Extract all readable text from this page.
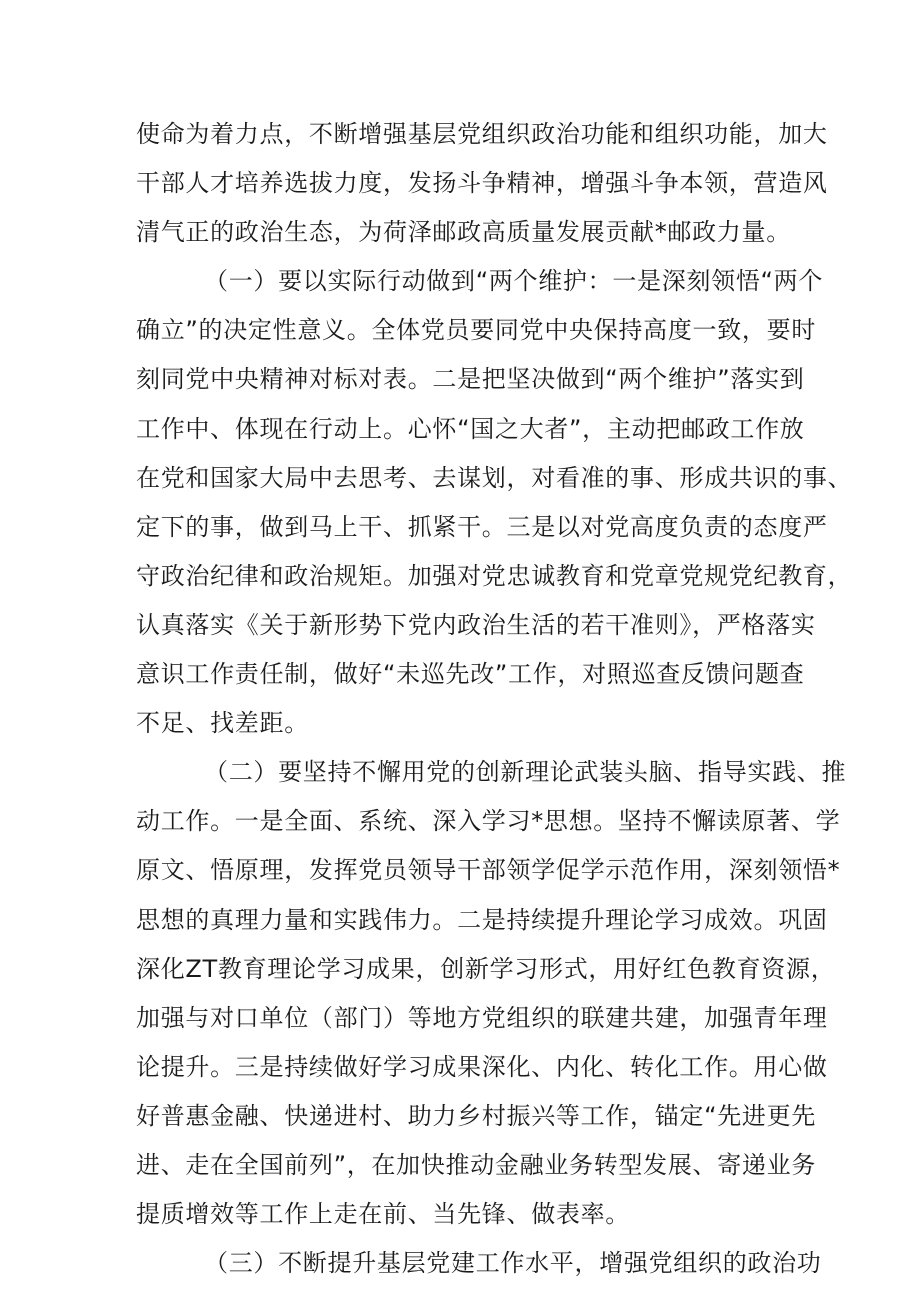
使命为着力点，不断增强基层党组织政治功能和组织功能，加大
干部人才培养选拔力度，发扬斗争精神，增强斗争本领，营造风
清气正的政治生态，为荷泽邮政高质量发展贡献*邮政力量。
（一）要以实际行动做到“两个维护：一是深刻领悟“两个
确立”的决定性意义。全体党员要同党中央保持高度一致，要时
刻同党中央精神对标对表。二是把坚决做到“两个维护”落实到
工作中、体现在行动上。心怀“国之大者”，主动把邮政工作放
在党和国家大局中去思考、去谋划，对看准的事、形成共识的事、
定下的事，做到马上干、抓紧干。三是以对党高度负责的态度严
守政治纪律和政治规矩。加强对党忠诚教育和党章党规党纪教育，
认真落实《关于新形势下党内政治生活的若干准则》，严格落实
意识工作责任制，做好“未巡先改”工作，对照巡查反馈问题查
不足、找差距。
（二）要坚持不懈用党的创新理论武装头脑、指导实践、推
动工作。一是全面、系统、深入学习*思想。坚持不懈读原著、学
原文、悟原理，发挥党员领导干部领学促学示范作用，深刻领悟*
思想的真理力量和实践伟力。二是持续提升理论学习成效。巩固
深化ZT教育理论学习成果，创新学习形式，用好红色教育资源，
加强与对口单位（部门）等地方党组织的联建共建，加强青年理
论提升。三是持续做好学习成果深化、内化、转化工作。用心做
好普惠金融、快递进村、助力乡村振兴等工作，锚定“先进更先
进、走在全国前列”，在加快推动金融业务转型发展、寄递业务
提质增效等工作上走在前、当先锋、做表率。
（三）不断提升基层党建工作水平，增强党组织的政治功
